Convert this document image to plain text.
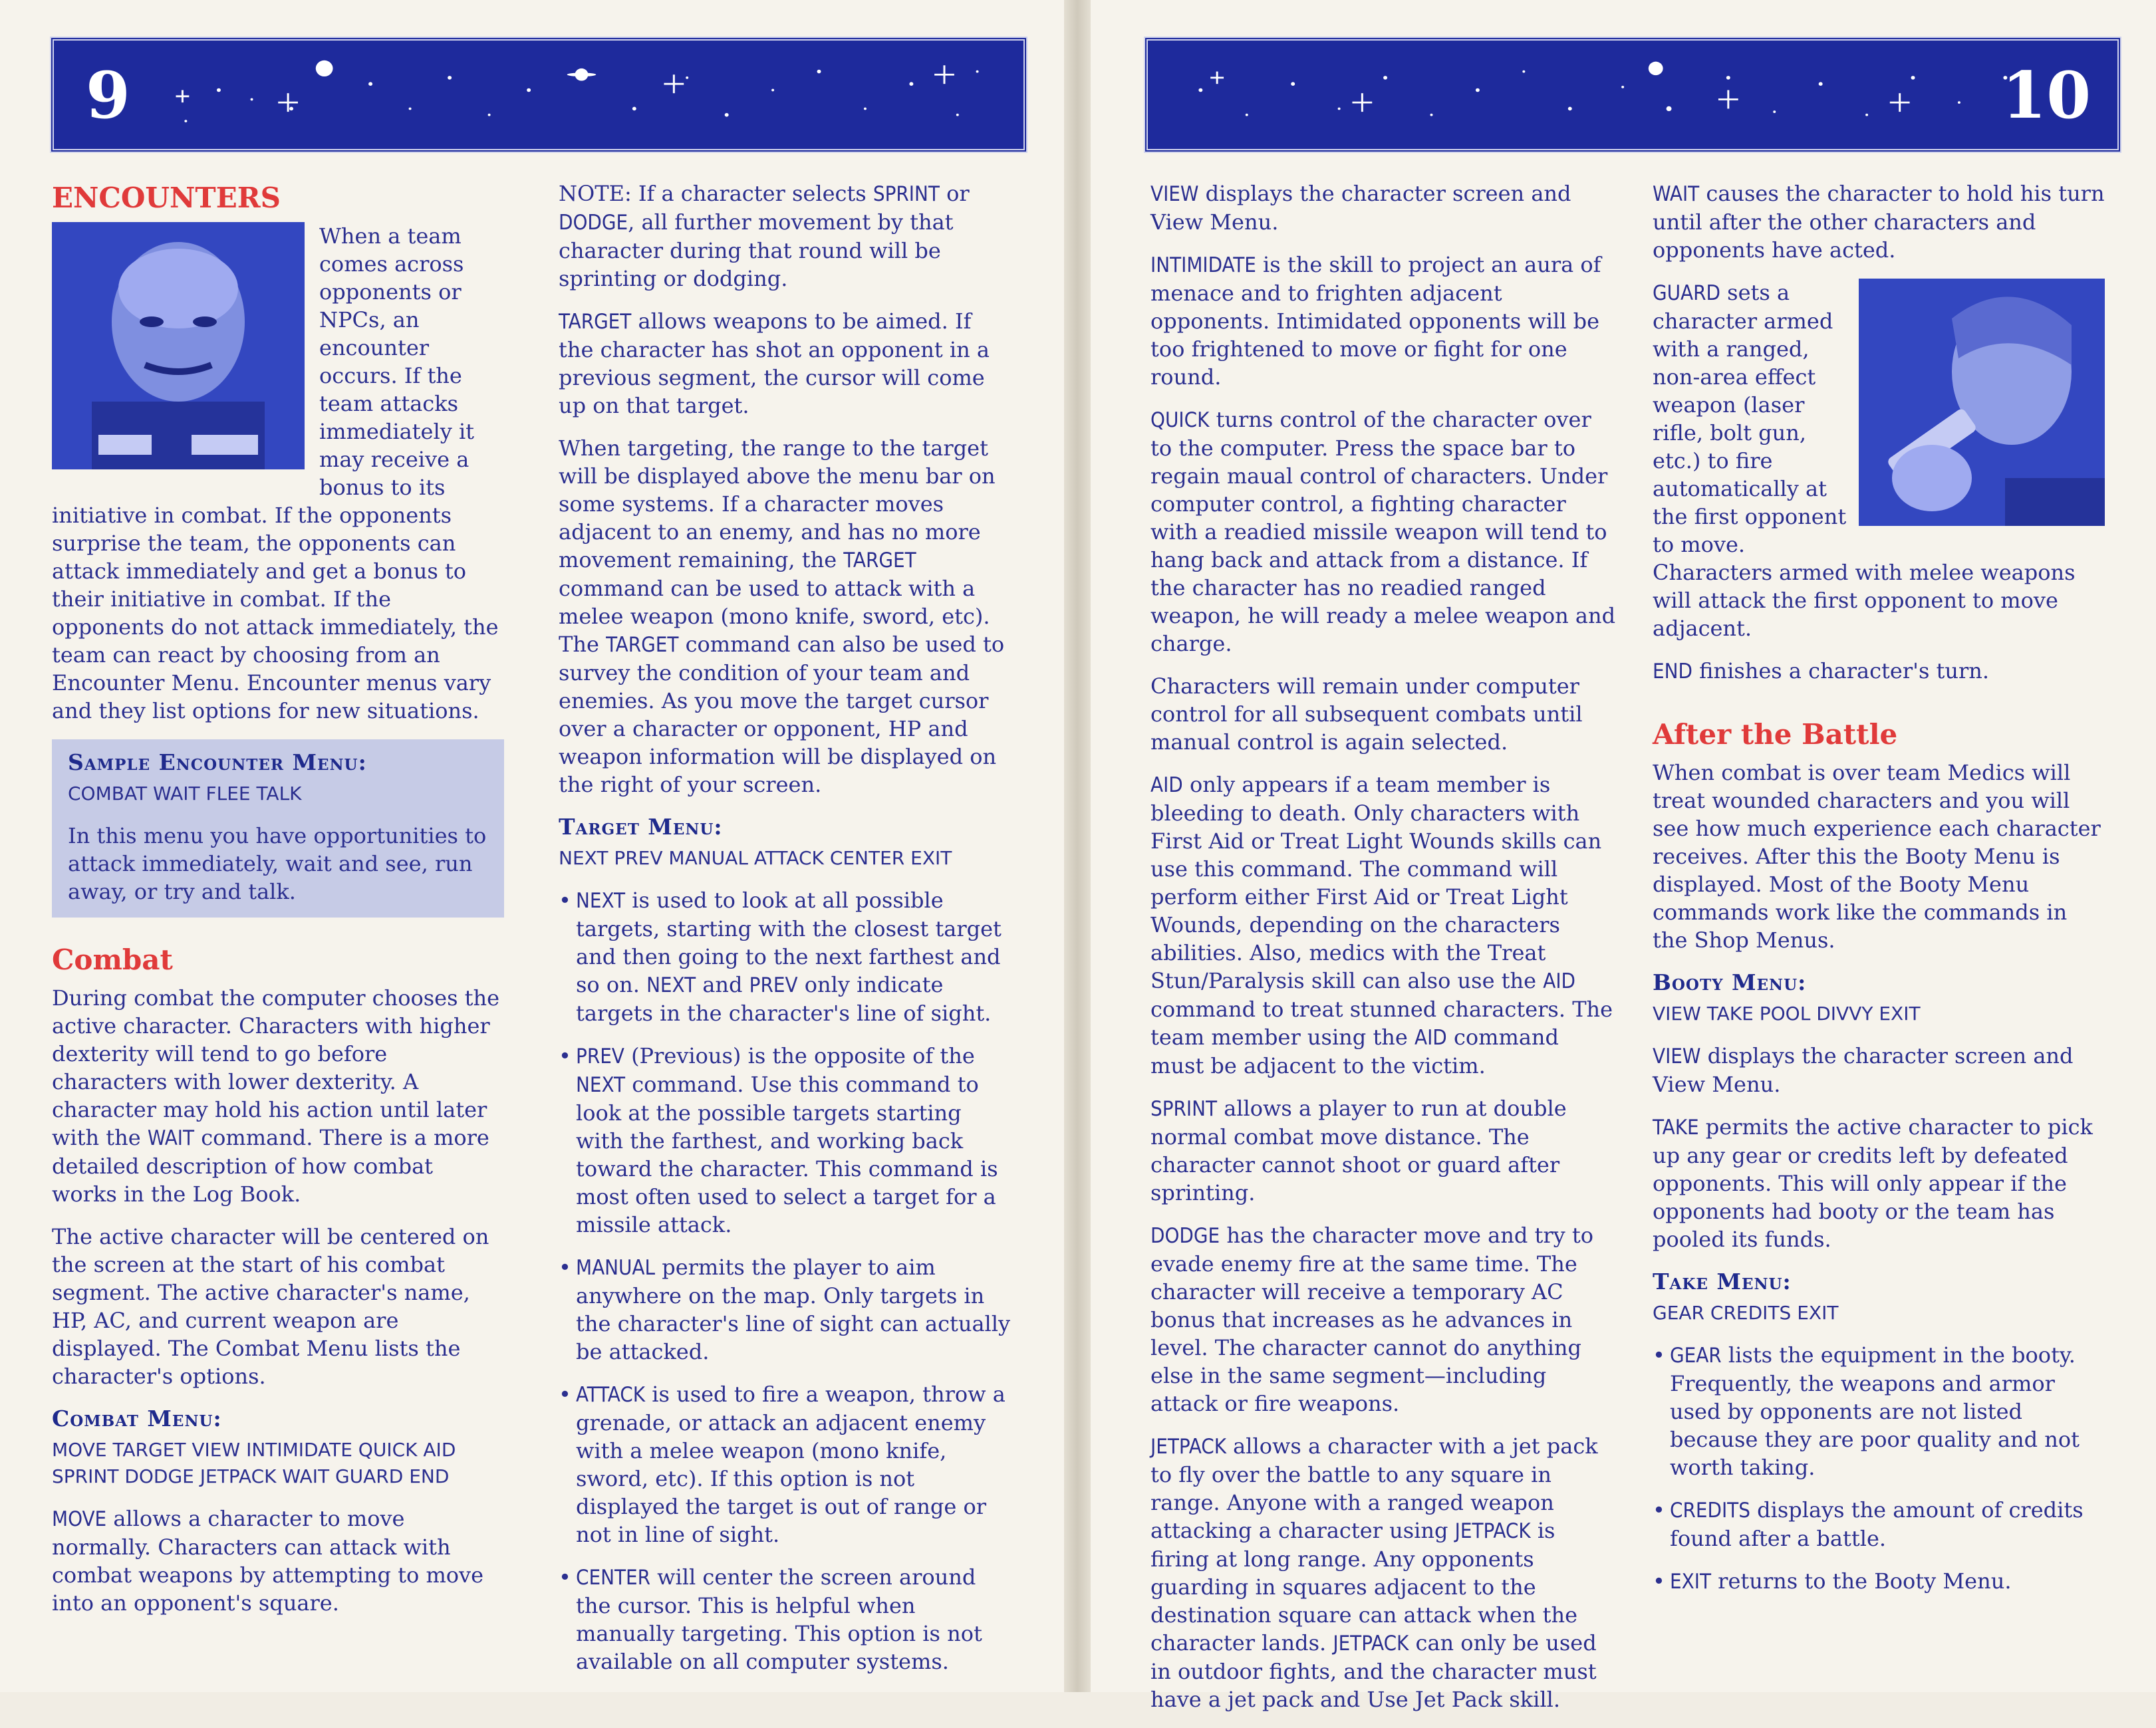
9
ENCOUNTERS

When a team comes across opponents or NPCs, an encounter occurs. If the team attacks immediately it may receive a bonus to its initiative in combat. If the opponents surprise the team, the opponents can attack immediately and get a bonus to their initiative in combat. If the opponents do not attack immediately, the team can react by choosing from an Encounter Menu. Encounter menus vary and they list options for new situations.

Sample Encounter Menu:
COMBAT WAIT FLEE TALK

In this menu you have opportunities to attack immediately, wait and see, run away, or try and talk.

Combat

During combat the computer chooses the active character. Characters with higher dexterity will tend to go before characters with lower dexterity. A character may hold his action until later with the WAIT command. There is a more detailed description of how combat works in the Log Book.

The active character will be centered on the screen at the start of his combat segment. The active character's name, HP, AC, and current weapon are displayed. The Combat Menu lists the character's options.

Combat Menu:
MOVE TARGET VIEW INTIMIDATE QUICK AID
SPRINT DODGE JETPACK WAIT GUARD END

MOVE allows a character to move normally. Characters can attack with combat weapons by attempting to move into an opponent's square.

NOTE: If a character selects SPRINT or DODGE, all further movement by that character during that round will be sprinting or dodging.

TARGET allows weapons to be aimed. If the character has shot an opponent in a previous segment, the cursor will come up on that target.

When targeting, the range to the target will be displayed above the menu bar on some systems. If a character moves adjacent to an enemy, and has no more movement remaining, the TARGET command can be used to attack with a melee weapon (mono knife, sword, etc). The TARGET command can also be used to survey the condition of your team and enemies. As you move the target cursor over a character or opponent, HP and weapon information will be displayed on the right of your screen.

Target Menu:
NEXT PREV MANUAL ATTACK CENTER EXIT

• NEXT is used to look at all possible targets, starting with the closest target and then going to the next farthest and so on. NEXT and PREV only indicate targets in the character's line of sight.

• PREV (Previous) is the opposite of the NEXT command. Use this command to look at the possible targets starting with the farthest, and working back toward the character. This command is most often used to select a target for a missile attack.

• MANUAL permits the player to aim anywhere on the map. Only targets in the character's line of sight can actually be attacked.

• ATTACK is used to fire a weapon, throw a grenade, or attack an adjacent enemy with a melee weapon (mono knife, sword, etc). If this option is not displayed the target is out of range or not in line of sight.

• CENTER will center the screen around the cursor. This is helpful when manually targeting. This option is not available on all computer systems.

10

VIEW displays the character screen and View Menu.

INTIMIDATE is the skill to project an aura of menace and to frighten adjacent opponents. Intimidated opponents will be too frightened to move or fight for one round.

QUICK turns control of the character over to the computer. Press the space bar to regain maual control of characters. Under computer control, a fighting character with a readied missile weapon will tend to hang back and attack from a distance. If the character has no readied ranged weapon, he will ready a melee weapon and charge.

Characters will remain under computer control for all subsequent combats until manual control is again selected.

AID only appears if a team member is bleeding to death. Only characters with First Aid or Treat Light Wounds skills can use this command. The command will perform either First Aid or Treat Light Wounds, depending on the characters abilities. Also, medics with the Treat Stun/Paralysis skill can also use the AID command to treat stunned characters. The team member using the AID command must be adjacent to the victim.

SPRINT allows a player to run at double normal combat move distance. The character cannot shoot or guard after sprinting.

DODGE has the character move and try to evade enemy fire at the same time. The character will receive a temporary AC bonus that increases as he advances in level. The character cannot do anything else in the same segment—including attack or fire weapons.

JETPACK allows a character with a jet pack to fly over the battle to any square in range. Anyone with a ranged weapon attacking a character using JETPACK is firing at long range. Any opponents guarding in squares adjacent to the destination square can attack when the character lands. JETPACK can only be used in outdoor fights, and the character must have a jet pack and Use Jet Pack skill.

WAIT causes the character to hold his turn until after the other characters and opponents have acted.

GUARD sets a character armed with a ranged, non-area effect weapon (laser rifle, bolt gun, etc.) to fire automatically at the first opponent to move. Characters armed with melee weapons will attack the first opponent to move adjacent.

END finishes a character's turn.

After the Battle

When combat is over team Medics will treat wounded characters and you will see how much experience each character receives. After this the Booty Menu is displayed. Most of the Booty Menu commands work like the commands in the Shop Menus.

Booty Menu:
VIEW TAKE POOL DIVVY EXIT

VIEW displays the character screen and View Menu.

TAKE permits the active character to pick up any gear or credits left by defeated opponents. This will only appear if the opponents had booty or the team has pooled its funds.

Take Menu:
GEAR CREDITS EXIT

• GEAR lists the equipment in the booty. Frequently, the weapons and armor used by opponents are not listed because they are poor quality and not worth taking.

• CREDITS displays the amount of credits found after a battle.

• EXIT returns to the Booty Menu.
